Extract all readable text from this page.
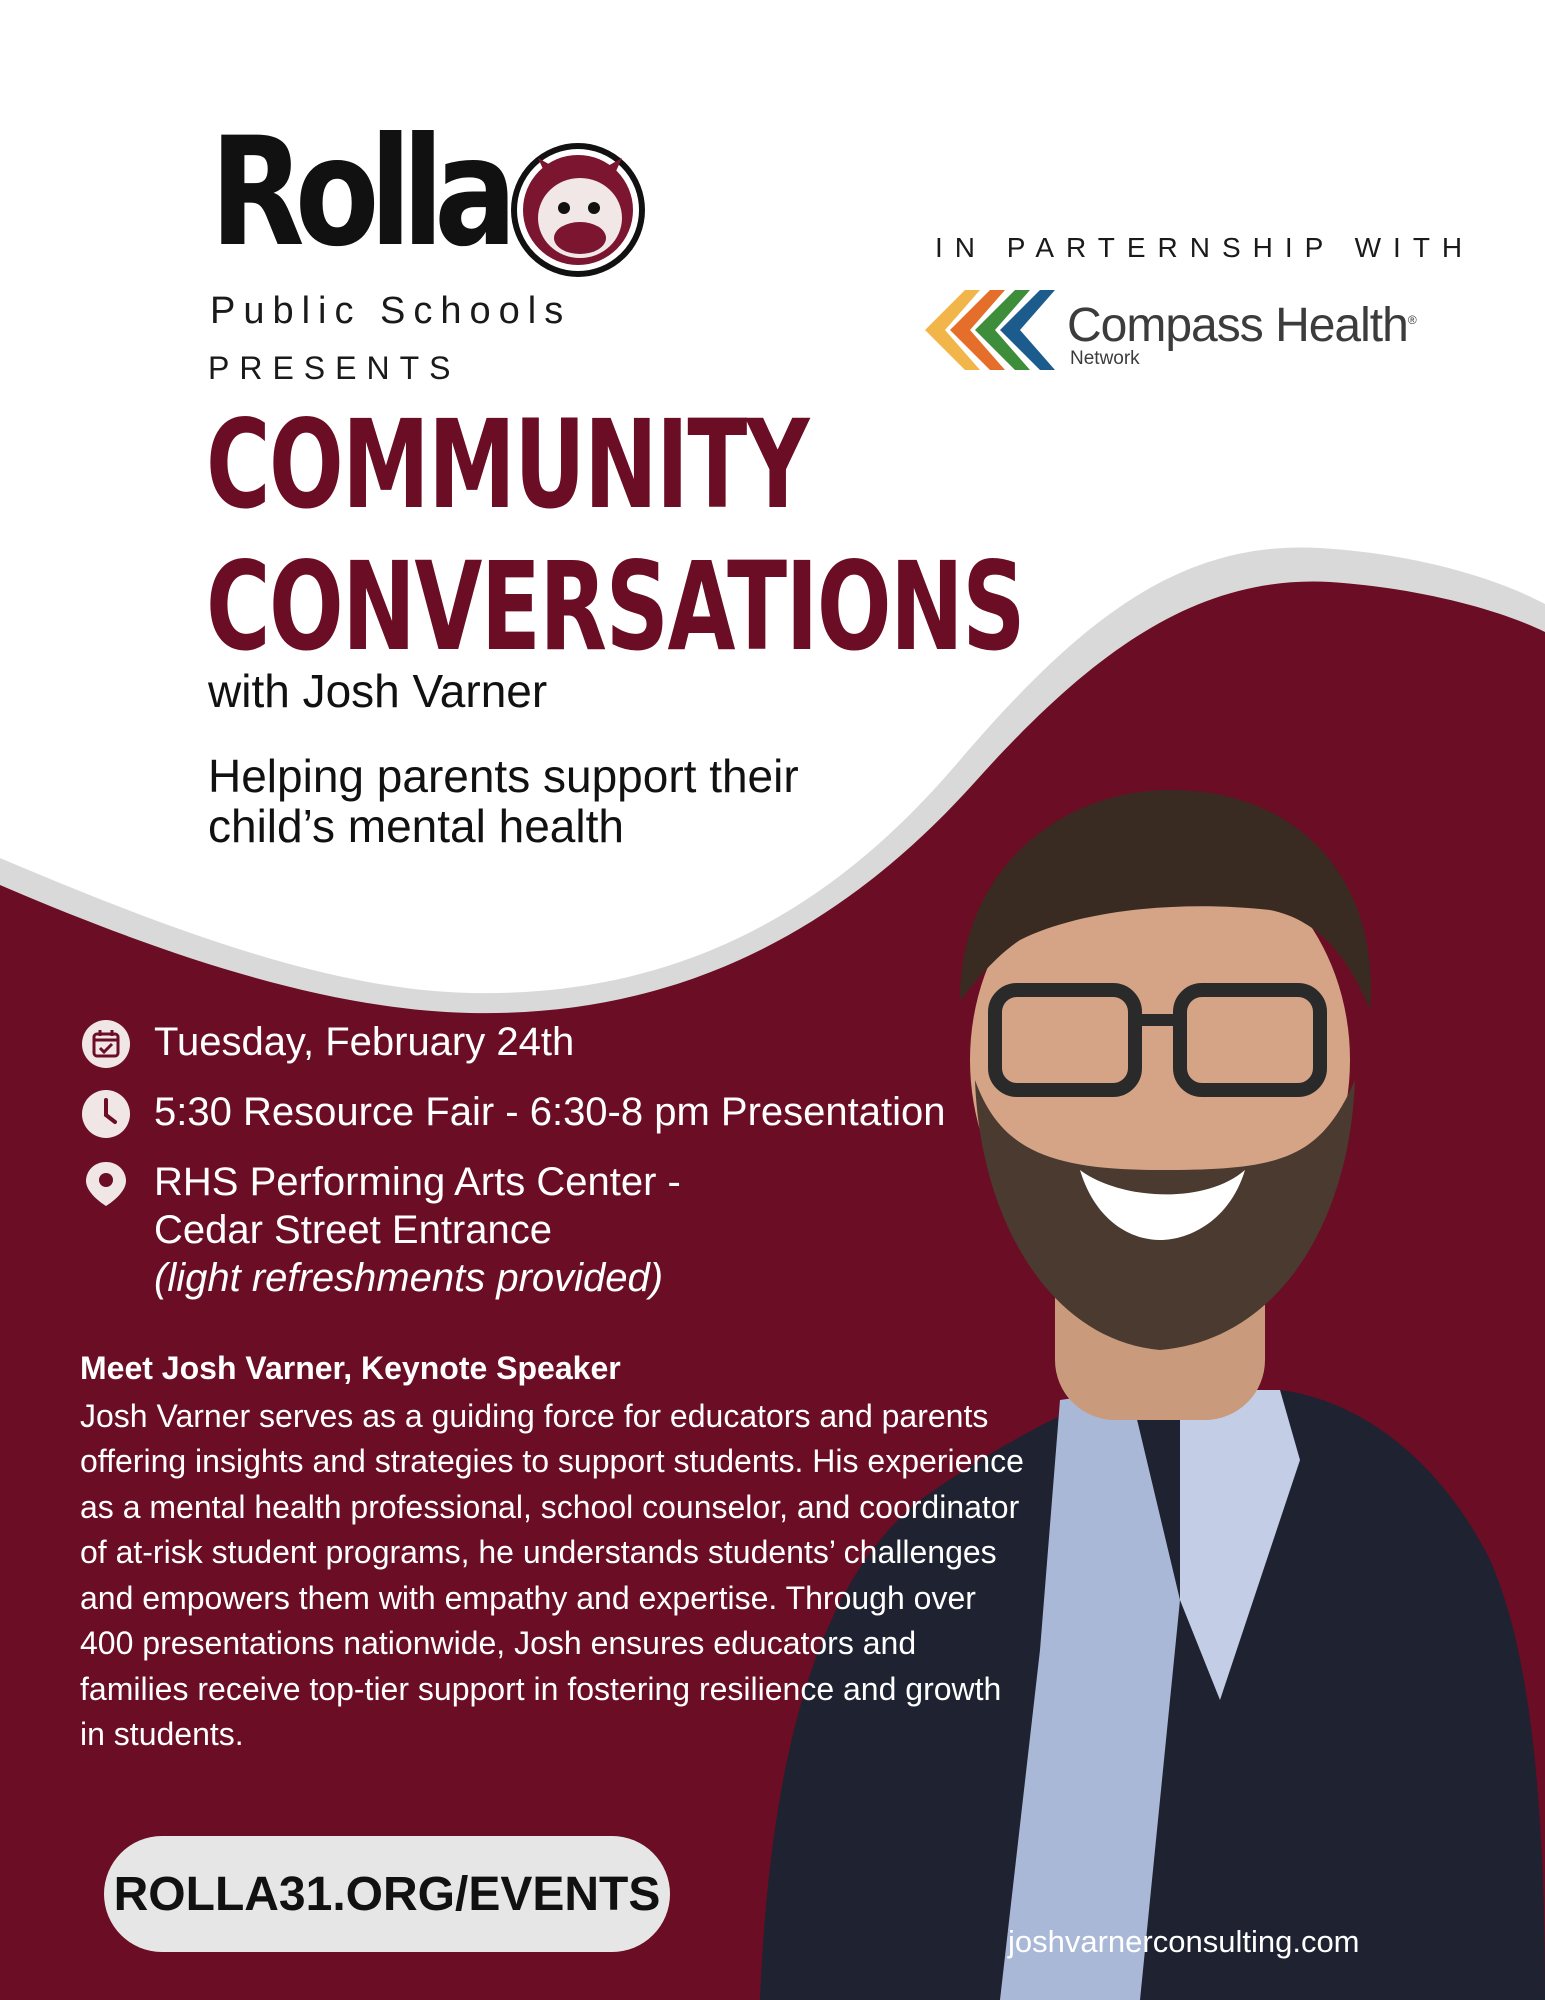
Rolla
Public Schools
PRESENTS
IN PARTERNSHIP WITH
Compass Health®
Network
COMMUNITY
CONVERSATIONS
with Josh Varner
Helping parents support their child’s mental health
Tuesday, February 24th
5:30 Resource Fair - 6:30-8 pm Presentation
RHS Performing Arts Center -
Cedar Street Entrance
(light refreshments provided)
Meet Josh Varner, Keynote Speaker
Josh Varner serves as a guiding force for educators and parents offering insights and strategies to support students. His experience as a mental health professional, school counselor, and coordinator of at-risk student programs, he understands students’ challenges and empowers them with empathy and expertise. Through over 400 presentations nationwide, Josh ensures educators and families receive top-tier support in fostering resilience and growth in students.
ROLLA31.ORG/EVENTS
joshvarnerconsulting.com
